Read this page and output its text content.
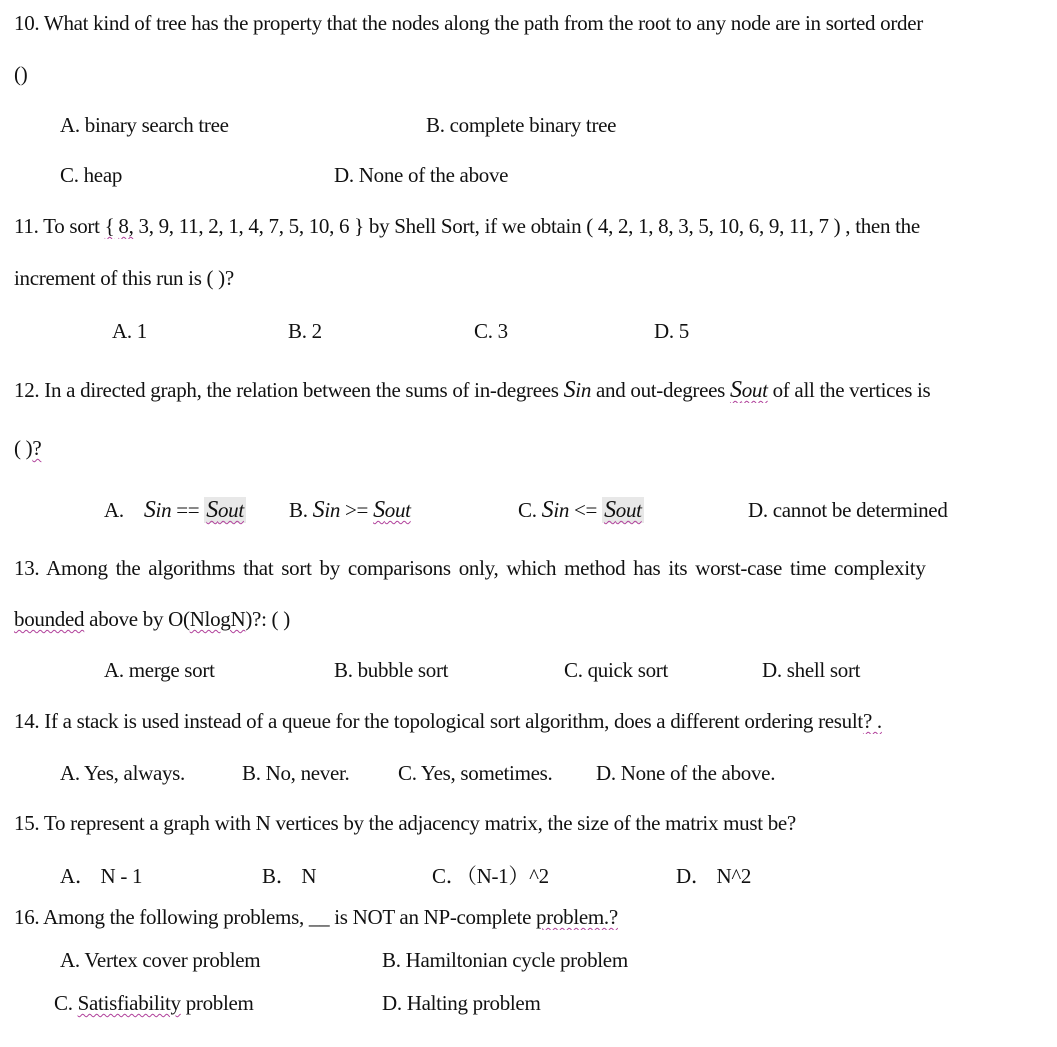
10. What kind of tree has the property that the nodes along the path from the root to any node are in sorted order
()
A. binary search tree	B. complete binary tree
C. heap	D. None of the above
11. To sort { 8, 3, 9, 11, 2, 1, 4, 7, 5, 10, 6 } by Shell Sort, if we obtain ( 4, 2, 1, 8, 3, 5, 10, 6, 9, 11, 7 ) , then the
increment of this run is ( )?
A. 1	B. 2	C. 3	D. 5
12. In a directed graph, the relation between the sums of in-degrees Sin and out-degrees Sout of all the vertices is
( )?
A. Sin == Sout B. Sin >= Sout	C. Sin <= Sout	D. cannot be determined
13. Among the algorithms that sort by comparisons only, which method has its worst-case time complexity
bounded above by O(NlogN)?: ( )
A. merge sort	B. bubble sort	C. quick sort	D. shell sort
14. If a stack is used instead of a queue for the topological sort algorithm, does a different ordering result? .
A. Yes, always.	B. No, never. C. Yes, sometimes. D. None of the above.
15. To represent a graph with N vertices by the adjacency matrix, the size of the matrix must be?
A． N - 1	B． N	C．（N-1）^2	D． N^2
16. Among the following problems, __ is NOT an NP-complete problem.?
A. Vertex cover problem	B. Hamiltonian cycle problem
C. Satisfiability problem	D. Halting problem
